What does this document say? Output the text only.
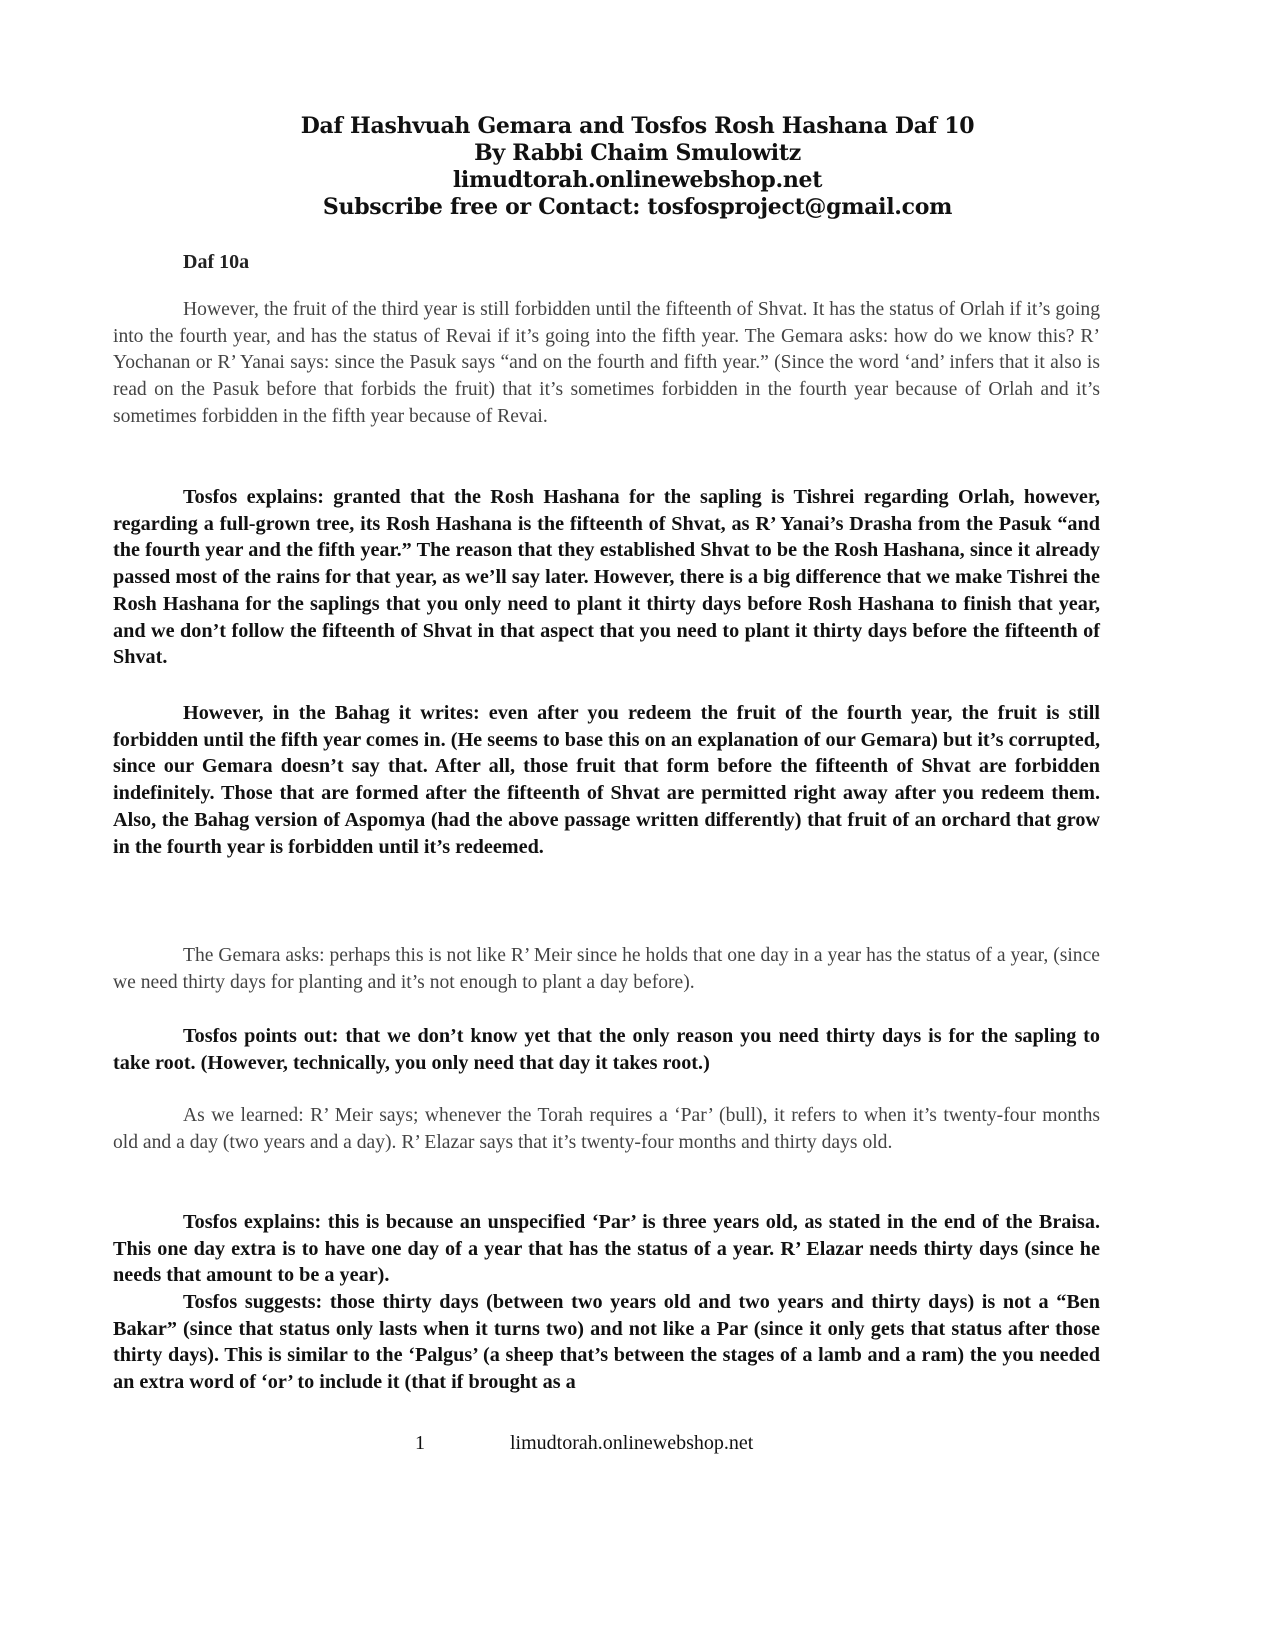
Daf Hashvuah Gemara and Tosfos Rosh Hashana Daf 10
By Rabbi Chaim Smulowitz
limudtorah.onlinewebshop.net
Subscribe free or Contact: tosfosproject@gmail.com
Daf 10a

However, the fruit of the third year is still forbidden until the fifteenth of Shvat. It has the status of Orlah if it’s going into the fourth year, and has the status of Revai if it’s going into the fifth year. The Gemara asks: how do we know this? R’ Yochanan or R’ Yanai says: since the Pasuk says “and on the fourth and fifth year.” (Since the word ‘and’ infers that it also is read on the Pasuk before that forbids the fruit) that it’s sometimes forbidden in the fourth year because of Orlah and it’s sometimes forbidden in the fifth year because of Revai.

Tosfos explains: granted that the Rosh Hashana for the sapling is Tishrei regarding Orlah, however, regarding a full-grown tree, its Rosh Hashana is the fifteenth of Shvat, as R’ Yanai’s Drasha from the Pasuk “and the fourth year and the fifth year.” The reason that they established Shvat to be the Rosh Hashana, since it already passed most of the rains for that year, as we’ll say later. However, there is a big difference that we make Tishrei the Rosh Hashana for the saplings that you only need to plant it thirty days before Rosh Hashana to finish that year, and we don’t follow the fifteenth of Shvat in that aspect that you need to plant it thirty days before the fifteenth of Shvat.

However, in the Bahag it writes: even after you redeem the fruit of the fourth year, the fruit is still forbidden until the fifth year comes in. (He seems to base this on an explanation of our Gemara) but it’s corrupted, since our Gemara doesn’t say that. After all, those fruit that form before the fifteenth of Shvat are forbidden indefinitely. Those that are formed after the fifteenth of Shvat are permitted right away after you redeem them. Also, the Bahag version of Aspomya (had the above passage written differently) that fruit of an orchard that grow in the fourth year is forbidden until it’s redeemed.

The Gemara asks: perhaps this is not like R’ Meir since he holds that one day in a year has the status of a year, (since we need thirty days for planting and it’s not enough to plant a day before).

Tosfos points out: that we don’t know yet that the only reason you need thirty days is for the sapling to take root. (However, technically, you only need that day it takes root.)

As we learned: R’ Meir says; whenever the Torah requires a ‘Par’ (bull), it refers to when it’s twenty-four months old and a day (two years and a day). R’ Elazar says that it’s twenty-four months and thirty days old.

Tosfos explains: this is because an unspecified ‘Par’ is three years old, as stated in the end of the Braisa. This one day extra is to have one day of a year that has the status of a year. R’ Elazar needs thirty days (since he needs that amount to be a year).

Tosfos suggests: those thirty days (between two years old and two years and thirty days) is not a “Ben Bakar” (since that status only lasts when it turns two) and not like a Par (since it only gets that status after those thirty days). This is similar to the ‘Palgus’ (a sheep that’s between the stages of a lamb and a ram) the you needed an extra word of ‘or’ to include it (that if brought as a

1	limudtorah.onlinewebshop.net
